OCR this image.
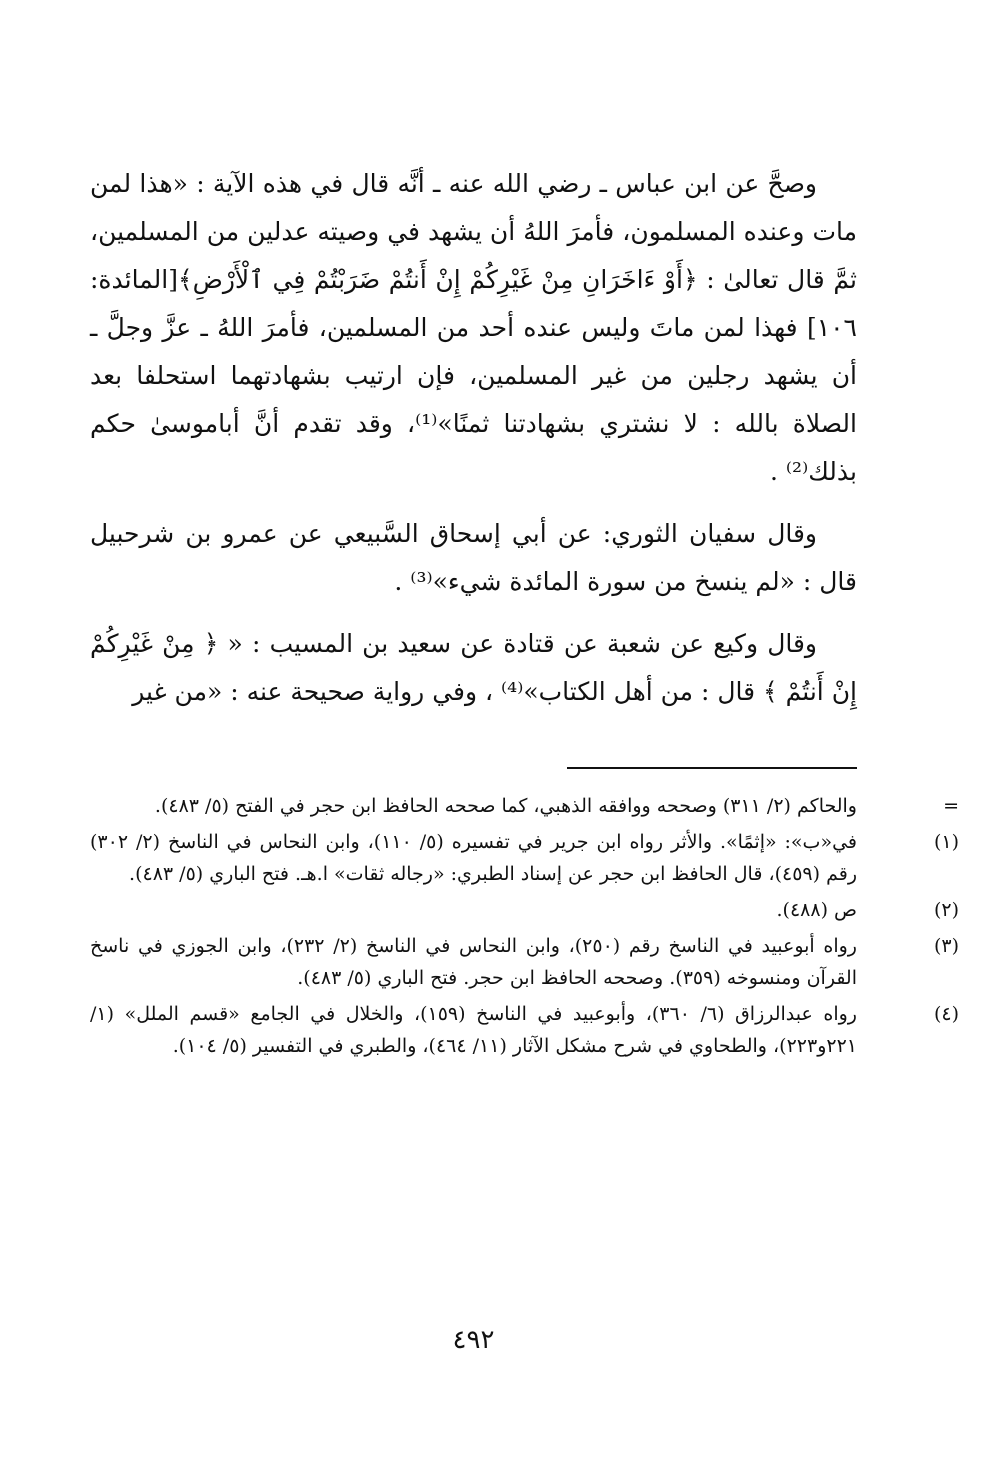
وصحَّ عن ابن عباس ـ رضي الله عنه ـ أنَّه قال في هذه الآية : «هذا لمن مات وعنده المسلمون، فأمرَ اللهُ أن يشهد في وصيته عدلين من المسلمين، ثمَّ قال تعالىٰ : ﴿أَوْ ءَاخَرَانِ مِنْ غَيْرِكُمْ إِنْ أَنتُمْ ضَرَبْتُمْ فِي ٱلْأَرْضِ﴾[المائدة: ١٠٦] فهذا لمن ماتَ وليس عنده أحد من المسلمين، فأمرَ اللهُ ـ عزَّ وجلَّ ـ أن يشهد رجلين من غير المسلمين، فإن ارتيب بشهادتهما استحلفا بعد الصلاة بالله : لا نشتري بشهادتنا ثمنًا»⁽¹⁾، وقد تقدم أنَّ أباموسىٰ حكم بذلك⁽²⁾ .

وقال سفيان الثوري: عن أبي إسحاق السَّبيعي عن عمرو بن شرحبيل قال : «لم ينسخ من سورة المائدة شيء»⁽³⁾ .

وقال وكيع عن شعبة عن قتادة عن سعيد بن المسيب : « ﴿ مِنْ غَيْرِكُمْ إِنْ أَنتُمْ ﴾ قال : من أهل الكتاب»⁽⁴⁾ ، وفي رواية صحيحة عنه : «من غير

=
والحاكم (٢/ ٣١١) وصححه ووافقه الذهبي، كما صححه الحافظ ابن حجر في الفتح (٥/ ٤٨٣).
(١)
في«ب»: «إثمًا». والأثر رواه ابن جرير في تفسيره (٥/ ١١٠)، وابن النحاس في الناسخ (٢/ ٣٠٢) رقم (٤٥٩)، قال الحافظ ابن حجر عن إسناد الطبري: «رجاله ثقات» ا.هـ. فتح الباري (٥/ ٤٨٣).
(٢)
ص (٤٨٨).
(٣)
رواه أبوعبيد في الناسخ رقم (٢٥٠)، وابن النحاس في الناسخ (٢/ ٢٣٢)، وابن الجوزي في ناسخ القرآن ومنسوخه (٣٥٩). وصححه الحافظ ابن حجر. فتح الباري (٥/ ٤٨٣).
(٤)
رواه عبدالرزاق (٦/ ٣٦٠)، وأبوعبيد في الناسخ (١٥٩)، والخلال في الجامع «قسم الملل» (١/ ٢٢١و٢٢٣)، والطحاوي في شرح مشكل الآثار (١١/ ٤٦٤)، والطبري في التفسير (٥/ ١٠٤).
٤٩٢
